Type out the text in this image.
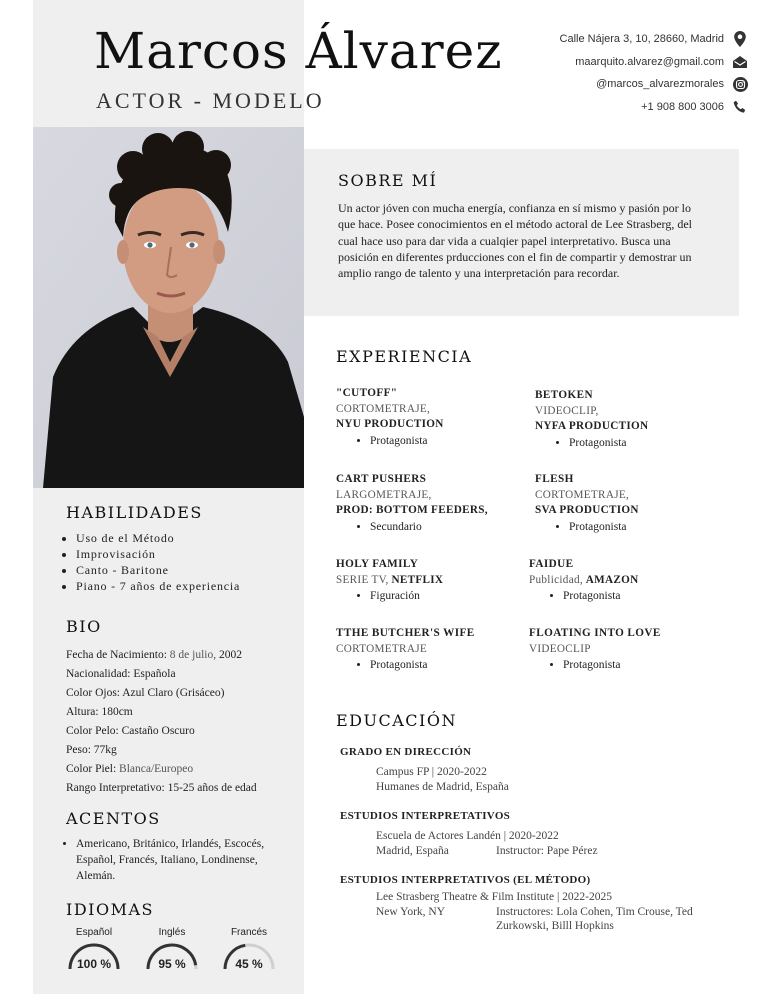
Marcos Álvarez
ACTOR - MODELO
Calle Nájera 3, 10, 28660, Madrid
maarquito.alvarez@gmail.com
@marcos_alvarezmorales
+1 908 800 3006
SOBRE MÍ

Un actor jóven con mucha energía, confianza en sí mismo y pasión por lo que hace. Posee conocimientos en el método actoral de Lee Strasberg, del cual hace uso para dar vida a cualqier papel interpretativo. Busca una posición en diferentes prducciones con el fin de compartir y demostrar un amplio rango de talento y una interpretación para recordar.

EXPERIENCIA
"CUTOFF"
CORTOMETRAJE,
NYU PRODUCTION
• Protagonista
BETOKEN
VIDEOCLIP,
NYFA PRODUCTION
• Protagonista
CART PUSHERS
LARGOMETRAJE,
PROD: BOTTOM FEEDERS,
• Secundario
FLESH
CORTOMETRAJE,
SVA PRODUCTION
• Protagonista
HOLY FAMILY
SERIE TV, NETFLIX
• Figuración
FAIDUE
Publicidad, AMAZON
• Protagonista
TTHE BUTCHER'S WIFE
CORTOMETRAJE
• Protagonista
FLOATING INTO LOVE
VIDEOCLIP
• Protagonista
EDUCACIÓN
GRADO EN DIRECCIÓN
Campus FP | 2020-2022
Humanes de Madrid, España
ESTUDIOS INTERPRETATIVOS
Escuela de Actores Landén | 2020-2022
Madrid, España	Instructor: Pape Pérez
ESTUDIOS INTERPRETATIVOS (EL MÉTODO)
Lee Strasberg Theatre & Film Institute | 2022-2025
New York, NY	Instructores: Lola Cohen, Tim Crouse, Ted Zurkowski, Billl Hopkins
HABILIDADES
• Uso de el Método
• Improvisación
• Canto - Baritone
• Piano - 7 años de experiencia
BIO
Fecha de Nacimiento: 8 de julio, 2002
Nacionalidad: Española
Color Ojos: Azul Claro (Grisáceo)
Altura: 180cm
Color Pelo: Castaño Oscuro
Peso: 77kg
Color Piel: Blanca/Europeo
Rango Interpretativo: 15-25 años de edad
ACENTOS
• Americano, Británico, Irlandés, Escocés, Español, Francés, Italiano, Londinense, Alemán.
IDIOMAS
Español
100 %
Inglés
95 %
Francés
45 %
